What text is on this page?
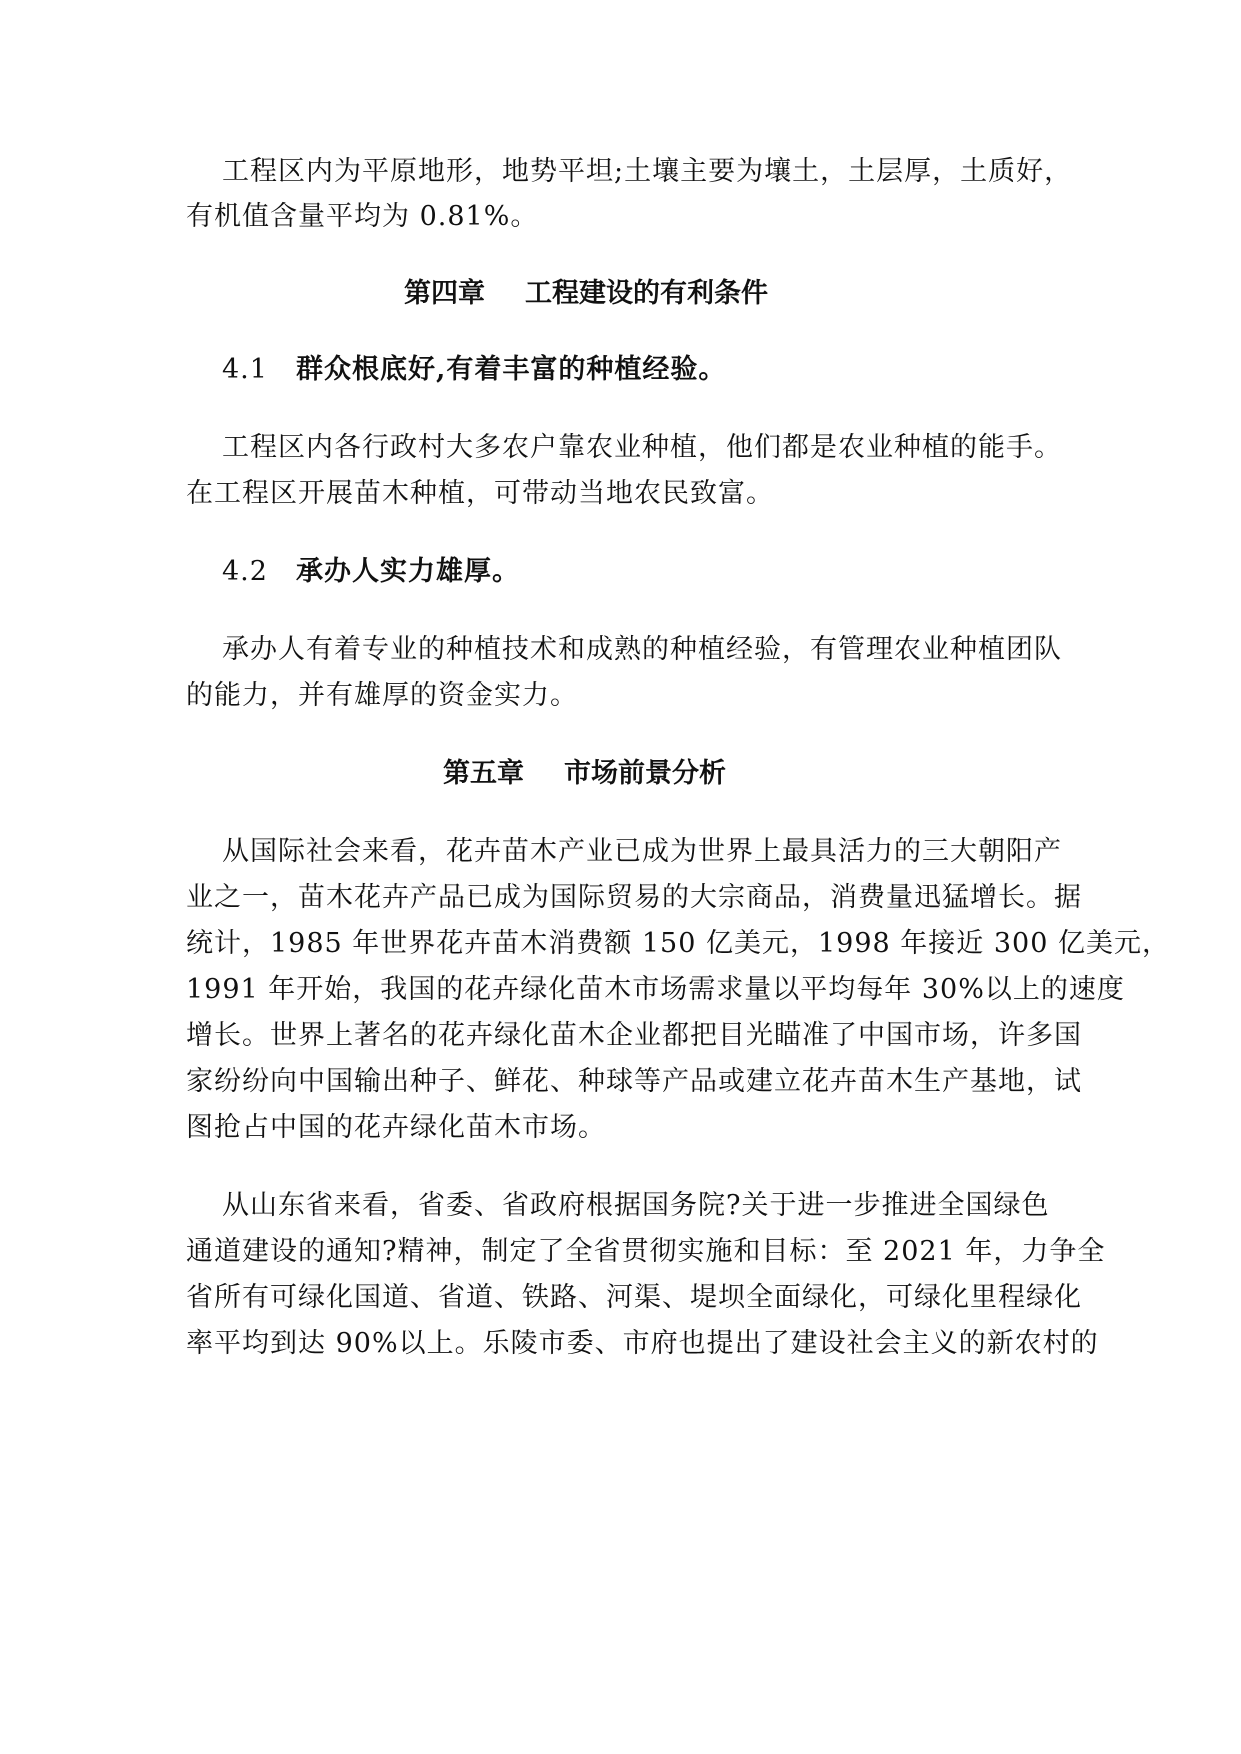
工程区内为平原地形，地势平坦;土壤主要为壤土，土层厚，土质好，
有机值含量平均为 0.81%。
第四章 工程建设的有利条件
4.1 群众根底好,有着丰富的种植经验。
工程区内各行政村大多农户靠农业种植，他们都是农业种植的能手。
在工程区开展苗木种植，可带动当地农民致富。
4.2 承办人实力雄厚。
承办人有着专业的种植技术和成熟的种植经验，有管理农业种植团队
的能力，并有雄厚的资金实力。
第五章 市场前景分析
从国际社会来看，花卉苗木产业已成为世界上最具活力的三大朝阳产
业之一，苗木花卉产品已成为国际贸易的大宗商品，消费量迅猛增长。据
统计，1985 年世界花卉苗木消费额 150 亿美元，1998 年接近 300 亿美元，
1991 年开始，我国的花卉绿化苗木市场需求量以平均每年 30%以上的速度
增长。世界上著名的花卉绿化苗木企业都把目光瞄准了中国市场，许多国
家纷纷向中国输出种子、鲜花、种球等产品或建立花卉苗木生产基地，试
图抢占中国的花卉绿化苗木市场。
从山东省来看，省委、省政府根据国务院?关于进一步推进全国绿色
通道建设的通知?精神，制定了全省贯彻实施和目标：至 2021 年，力争全
省所有可绿化国道、省道、铁路、河渠、堤坝全面绿化，可绿化里程绿化
率平均到达 90%以上。乐陵市委、市府也提出了建设社会主义的新农村的
